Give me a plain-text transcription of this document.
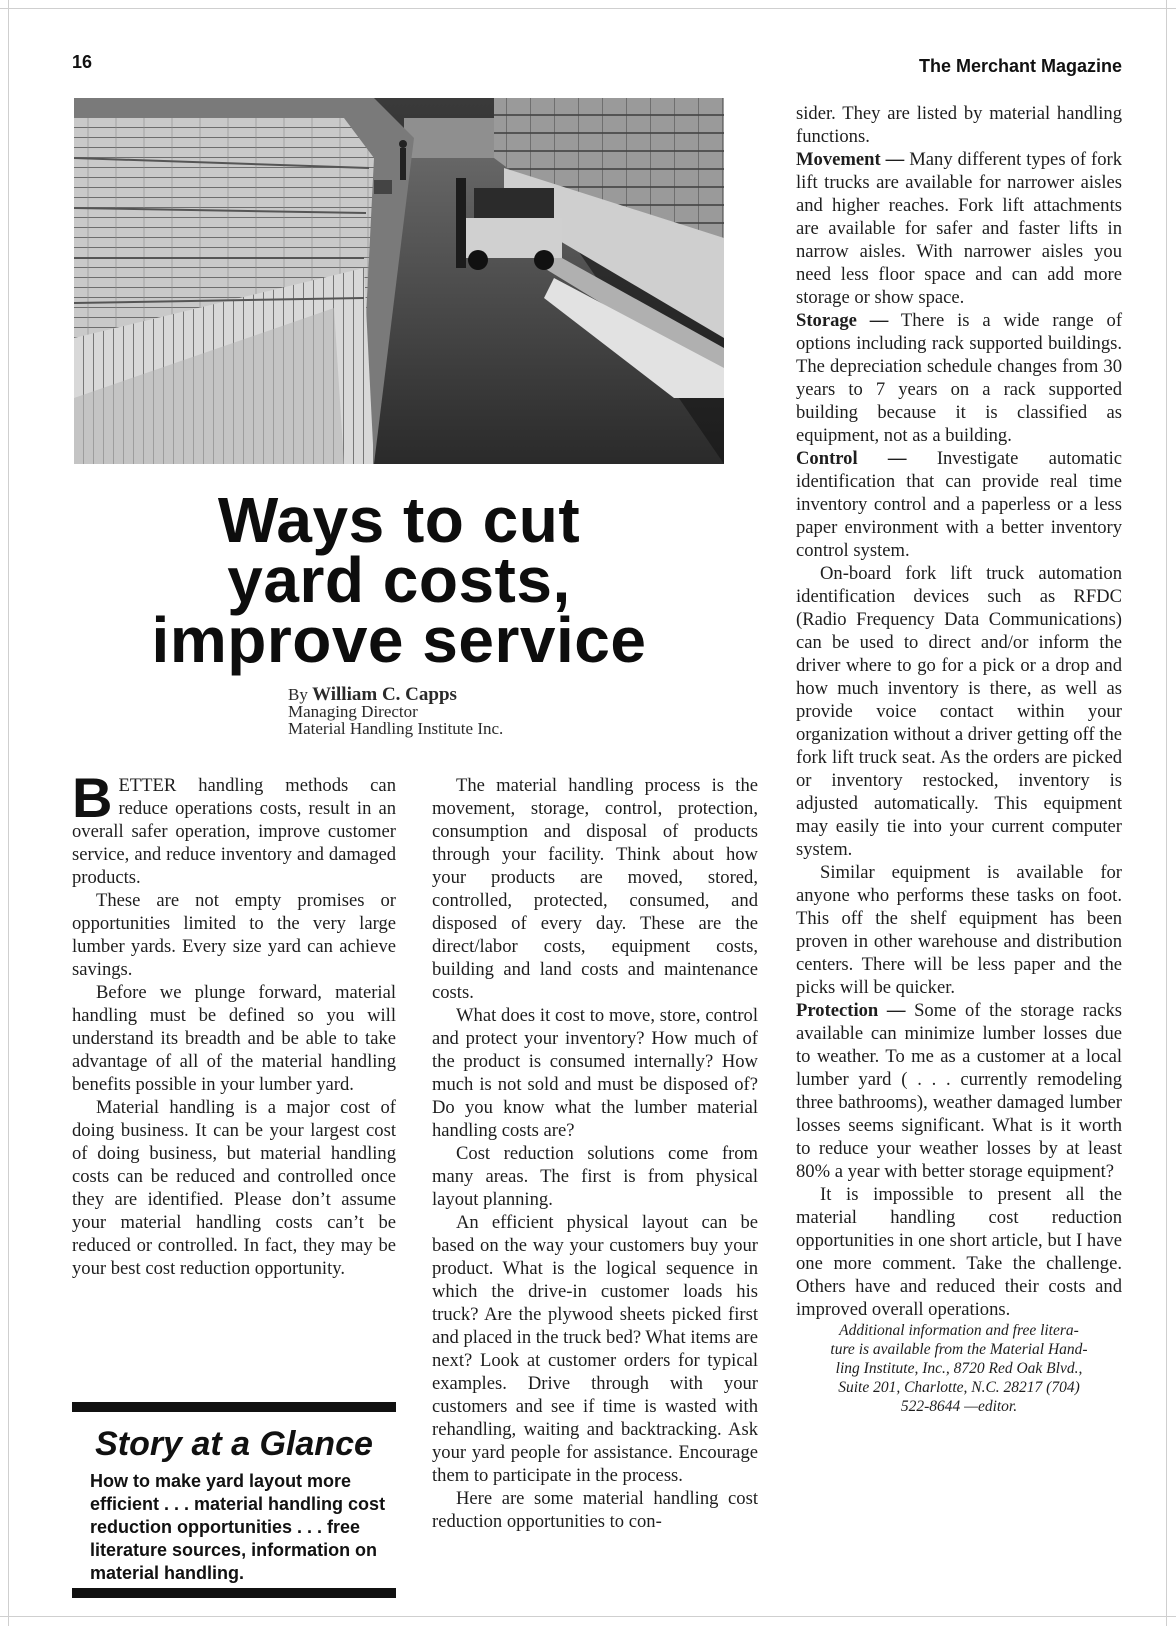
16	The Merchant Magazine
Ways to cut
yard costs,
improve service
By William C. Capps
Managing Director
Material Handling Institute Inc.

BETTER handling methods can reduce operations costs, result in an overall safer operation, improve customer service, and reduce inventory and damaged products.

These are not empty promises or opportunities limited to the very large lumber yards. Every size yard can achieve savings.

Before we plunge forward, material handling must be defined so you will understand its breadth and be able to take advantage of all of the material handling benefits possible in your lumber yard.

Material handling is a major cost of doing business. It can be your largest cost of doing business, but material handling costs can be reduced and controlled once they are identified. Please don’t assume your material handling costs can’t be reduced or controlled. In fact, they may be your best cost reduction opportunity.

Story at a Glance
How to make yard layout more efficient . . . material handling cost reduction opportunities . . . free literature sources, information on material handling.

The material handling process is the movement, storage, control, protection, consumption and disposal of products through your facility. Think about how your products are moved, stored, controlled, protected, consumed, and disposed of every day. These are the direct/labor costs, equipment costs, building and land costs and maintenance costs.

What does it cost to move, store, control and protect your inventory? How much of the product is consumed internally? How much is not sold and must be disposed of? Do you know what the lumber material handling costs are?

Cost reduction solutions come from many areas. The first is from physical layout planning.

An efficient physical layout can be based on the way your customers buy your product. What is the logical sequence in which the drive-in customer loads his truck? Are the plywood sheets picked first and placed in the truck bed? What items are next? Look at customer orders for typical examples. Drive through with your customers and see if time is wasted with rehandling, waiting and backtracking. Ask your yard people for assistance. Encourage them to participate in the process.

Here are some material handling cost reduction opportunities to con-

sider. They are listed by material handling functions.

Movement — Many different types of fork lift trucks are available for narrower aisles and higher reaches. Fork lift attachments are available for safer and faster lifts in narrow aisles. With narrower aisles you need less floor space and can add more storage or show space.

Storage — There is a wide range of options including rack supported buildings. The depreciation schedule changes from 30 years to 7 years on a rack supported building because it is classified as equipment, not as a building.

Control — Investigate automatic identification that can provide real time inventory control and a paperless or a less paper environment with a better inventory control system.

On-board fork lift truck automation identification devices such as RFDC (Radio Frequency Data Communications) can be used to direct and/or inform the driver where to go for a pick or a drop and how much inventory is there, as well as provide voice contact within your organization without a driver getting off the fork lift truck seat. As the orders are picked or inventory restocked, inventory is adjusted automatically. This equipment may easily tie into your current computer system.

Similar equipment is available for anyone who performs these tasks on foot. This off the shelf equipment has been proven in other warehouse and distribution centers. There will be less paper and the picks will be quicker.

Protection — Some of the storage racks available can minimize lumber losses due to weather. To me as a customer at a local lumber yard ( . . . currently remodeling three bathrooms), weather damaged lumber losses seems significant. What is it worth to reduce your weather losses by at least 80% a year with better storage equipment?

It is impossible to present all the material handling cost reduction opportunities in one short article, but I have one more comment. Take the challenge. Others have and reduced their costs and improved overall operations.

Additional information and free litera-
ture is available from the Material Hand-
ling Institute, Inc., 8720 Red Oak Blvd.,
Suite 201, Charlotte, N.C. 28217 (704)
522-8644 —editor.
